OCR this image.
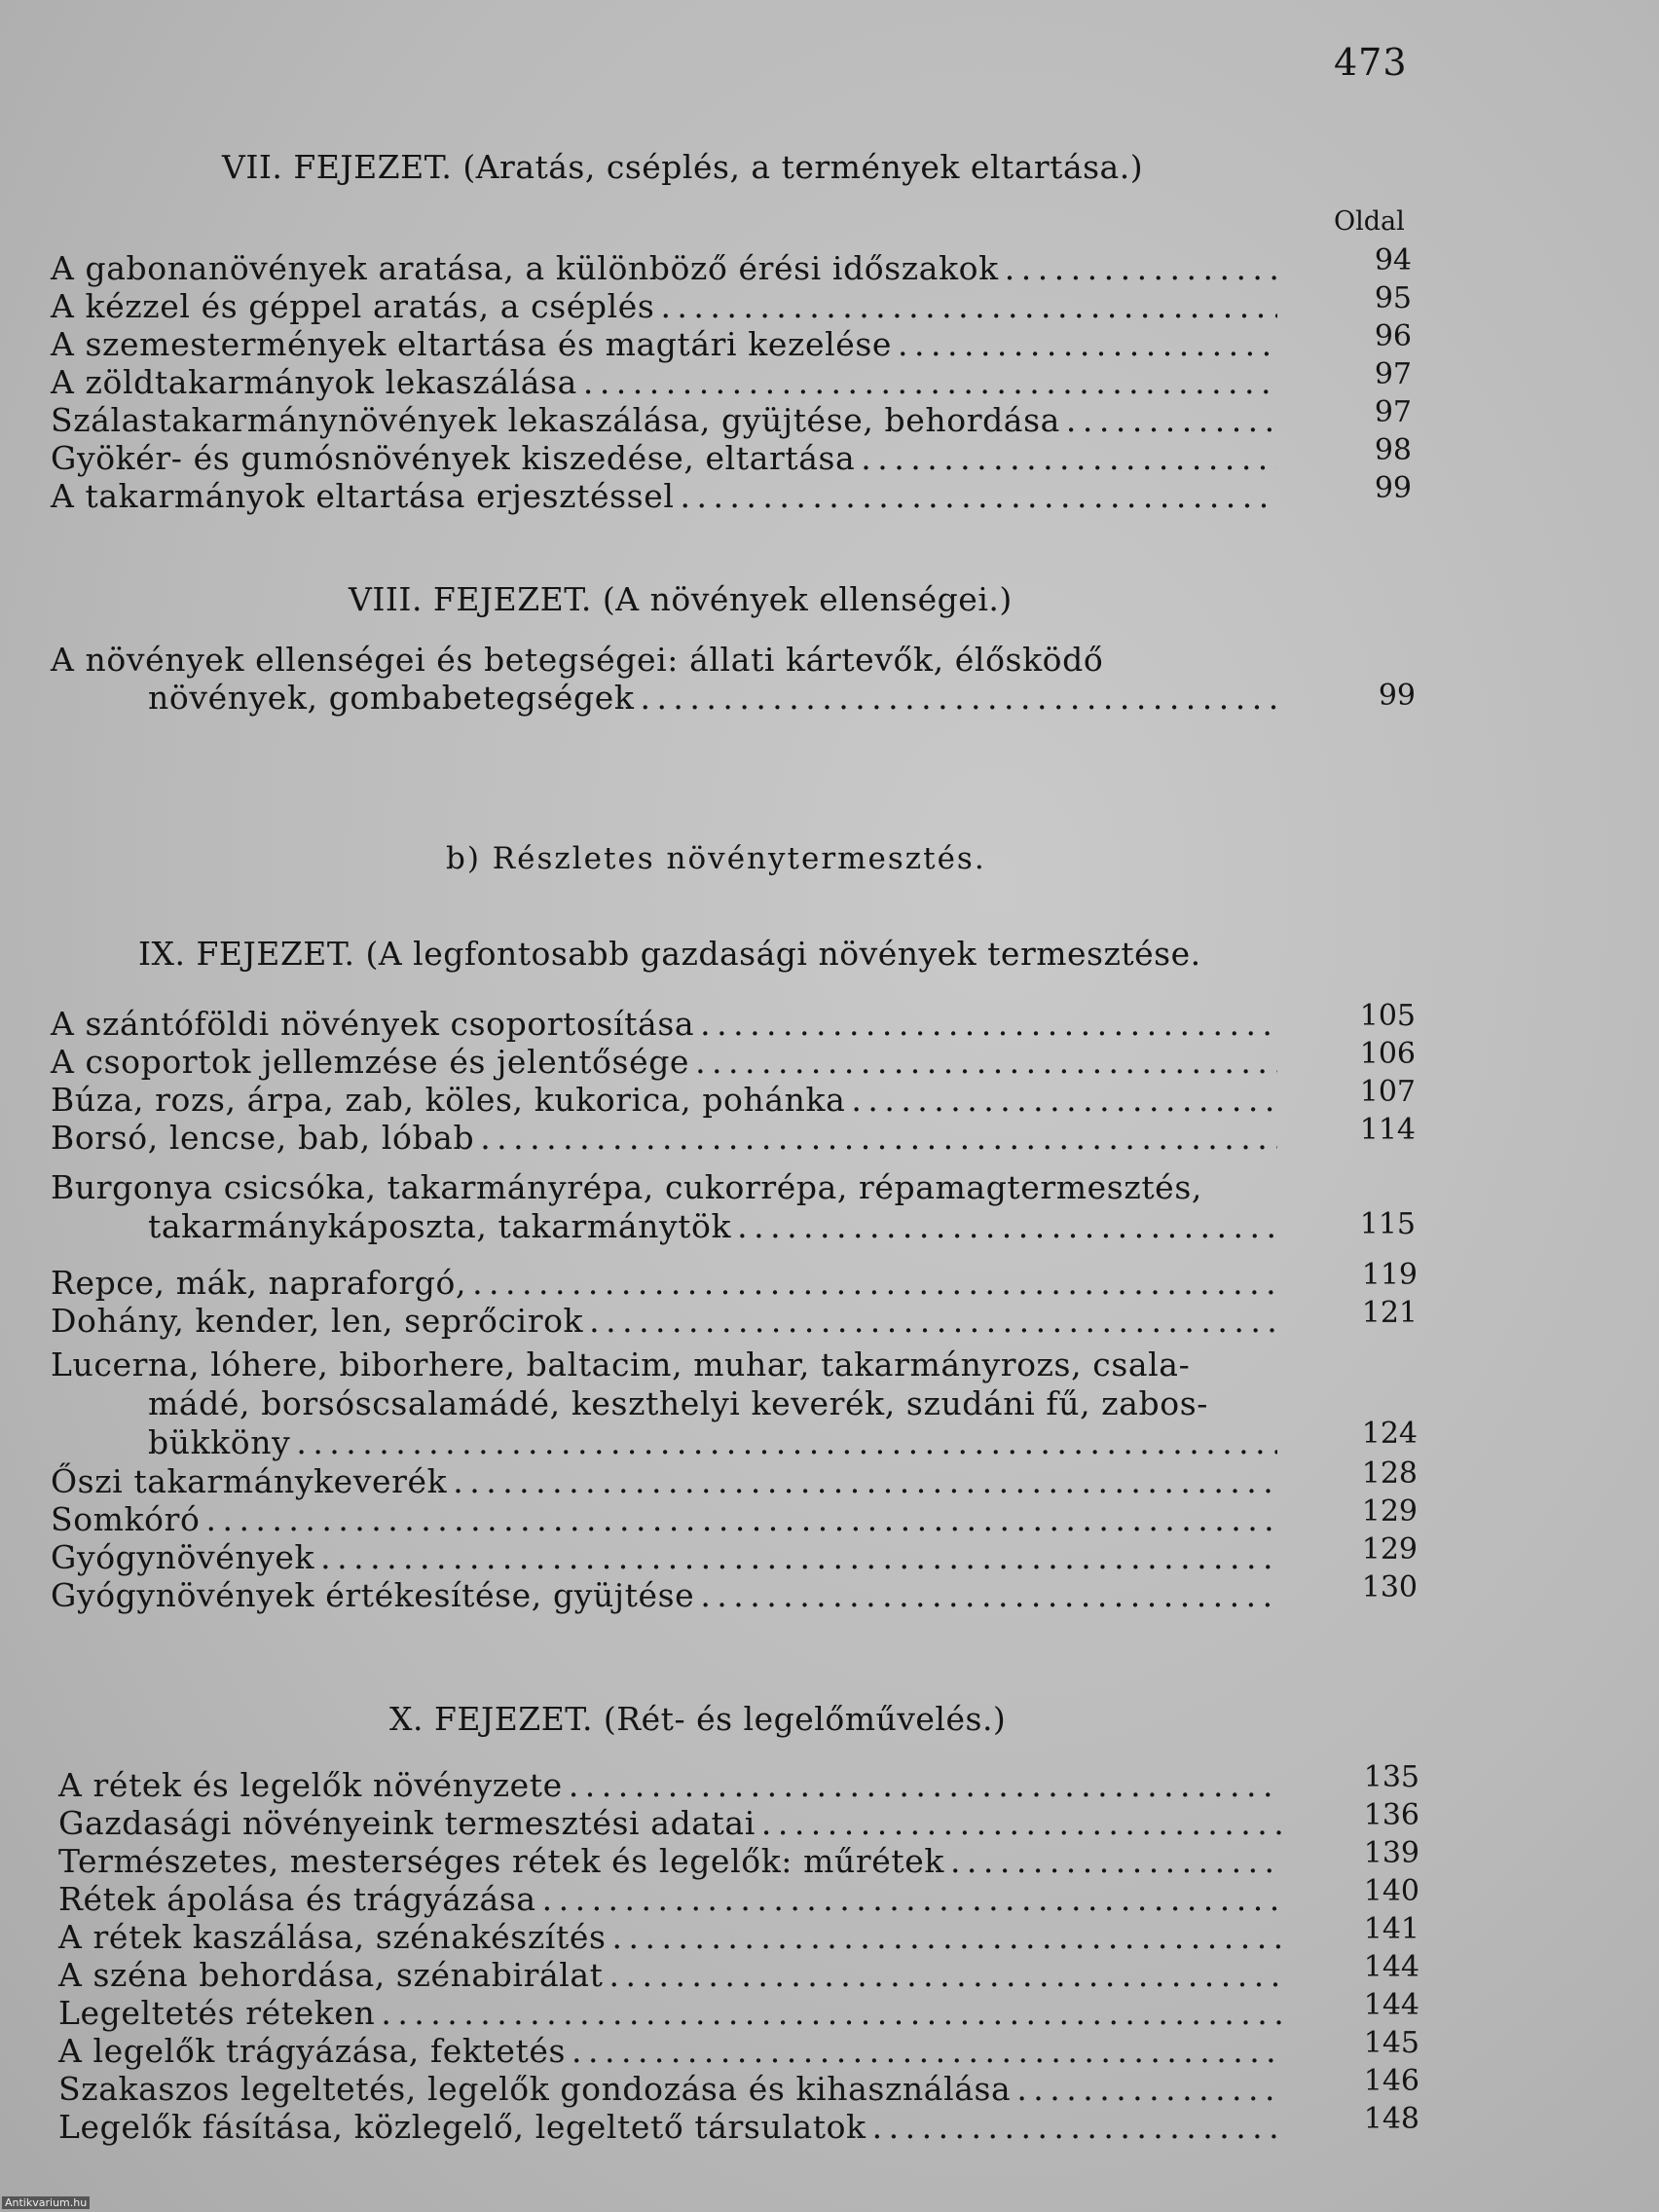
473
VII. FEJEZET. (Aratás, cséplés, a termények eltartása.)
Oldal
A gabonanövények aratása, a különböző érési időszakok . . .	94
A kézzel és géppel aratás, a cséplés . . .	95
A szemestermények eltartása és magtári kezelése . . .	96
A zöldtakarmányok lekaszálása . . .	97
Szálastakarmánynövények lekaszálása, gyüjtése, behordása . . .	97
Gyökér- és gumósnövények kiszedése, eltartása . . .	98
A takarmányok eltartása erjesztéssel . . .	99
VIII. FEJEZET. (A növények ellenségei.)
A növények ellenségei és betegségei: állati kártevők, élősködő
növények, gombabetegségek . . .	99
b) Részletes növénytermesztés.
IX. FEJEZET. (A legfontosabb gazdasági növények termesztése.
A szántóföldi növények csoportosítása . . .	105
A csoportok jellemzése és jelentősége . . .	106
Búza, rozs, árpa, zab, köles, kukorica, pohánka . . .	107
Borsó, lencse, bab, lóbab . . .	114
Burgonya csicsóka, takarmányrépa, cukorrépa, répamagtermesztés,
takarmánykáposzta, takarmánytök . . .	115
Repce, mák, napraforgó, . . .	119
Dohány, kender, len, seprőcirok . . .	121
Lucerna, lóhere, biborhere, baltacim, muhar, takarmányrozs, csala-
mádé, borsóscsalamádé, keszthelyi keverék, szudáni fű, zabos-
bükköny . . .	124
Őszi takarmánykeverék . . .	128
Somkóró . . .	129
Gyógynövények . . .	129
Gyógynövények értékesítése, gyüjtése . . .	130
X. FEJEZET. (Rét- és legelőművelés.)
A rétek és legelők növényzete . . .	135
Gazdasági növényeink termesztési adatai . . .	136
Természetes, mesterséges rétek és legelők: műrétek . . .	139
Rétek ápolása és trágyázása . . .	140
A rétek kaszálása, szénakészítés . . .	141
A széna behordása, szénabirálat . . .	144
Legeltetés réteken . . .	144
A legelők trágyázása, fektetés . . .	145
Szakaszos legeltetés, legelők gondozása és kihasználása . . .	146
Legelők fásítása, közlegelő, legeltető társulatok . . .	148
Antikvarium.hu
